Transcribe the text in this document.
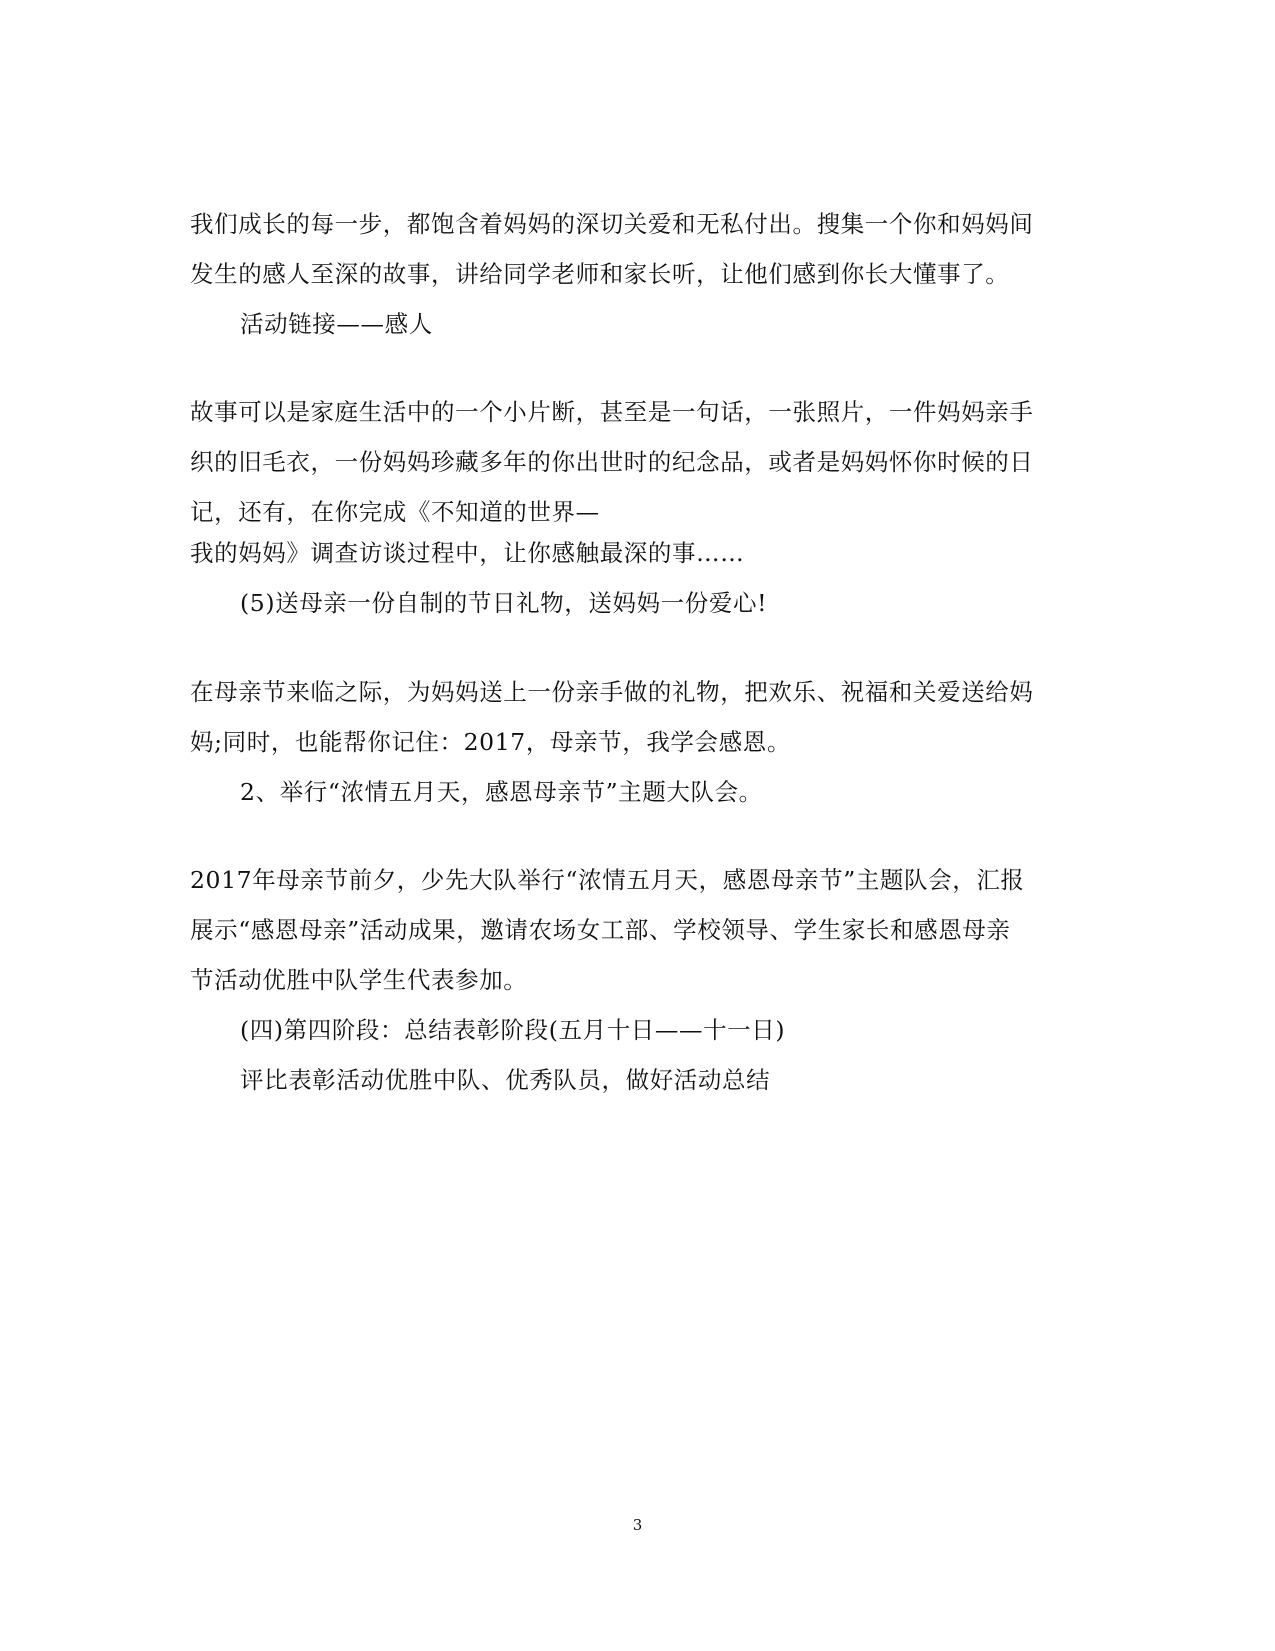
我们成长的每一步，都饱含着妈妈的深切关爱和无私付出。搜集一个你和妈妈间
发生的感人至深的故事，讲给同学老师和家长听，让他们感到你长大懂事了。
活动链接——感人
故事可以是家庭生活中的一个小片断，甚至是一句话，一张照片，一件妈妈亲手
织的旧毛衣，一份妈妈珍藏多年的你出世时的纪念品，或者是妈妈怀你时候的日
记，还有，在你完成《不知道的世界—
我的妈妈》调查访谈过程中，让你感触最深的事……
(5)送母亲一份自制的节日礼物，送妈妈一份爱心!
在母亲节来临之际，为妈妈送上一份亲手做的礼物，把欢乐、祝福和关爱送给妈
妈;同时，也能帮你记住：2017，母亲节，我学会感恩。
2、举行“浓情五月天，感恩母亲节”主题大队会。
2017年母亲节前夕，少先大队举行“浓情五月天，感恩母亲节”主题队会，汇报
展示“感恩母亲”活动成果，邀请农场女工部、学校领导、学生家长和感恩母亲
节活动优胜中队学生代表参加。
(四)第四阶段：总结表彰阶段(五月十日——十一日)
评比表彰活动优胜中队、优秀队员，做好活动总结
3
